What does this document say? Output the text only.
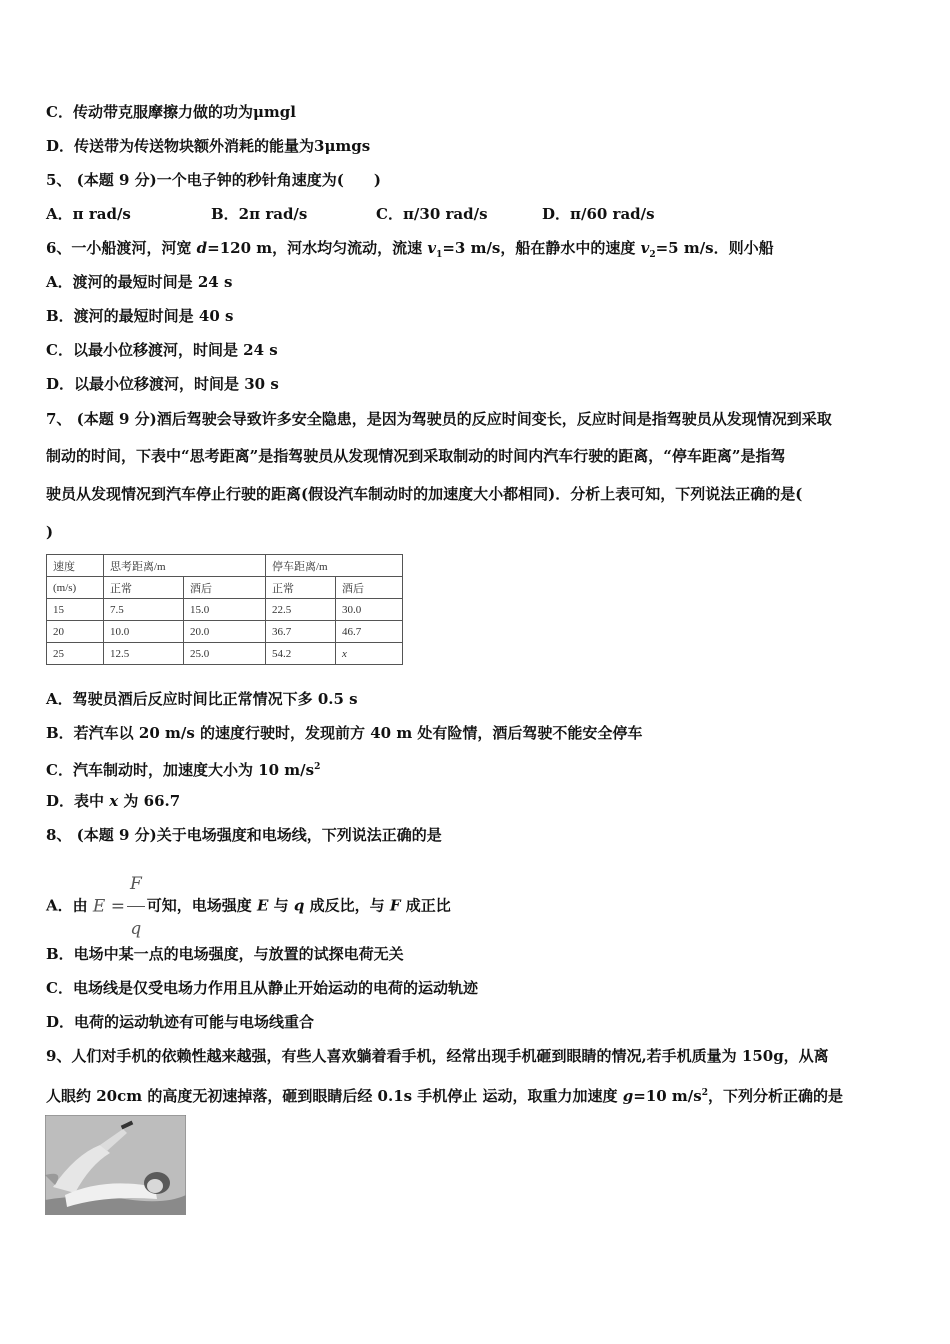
C．传动带克服摩擦力做的功为μmgl
D．传送带为传送物块额外消耗的能量为3μmgs
5、 (本题 9 分)一个电子钟的秒针角速度为(　　)
A．π rad/s	B．2π rad/s	C．π/30 rad/s	D．π/60 rad/s
6、一小船渡河，河宽 d=120 m，河水均匀流动，流速 $v_1=3$ m/s，船在静水中的速度 $v_2=5$ m/s．则小船
A．渡河的最短时间是 24 s
B．渡河的最短时间是 40 s
C．以最小位移渡河，时间是 24 s
D．以最小位移渡河，时间是 30 s
7、 (本题 9 分)酒后驾驶会导致许多安全隐患，是因为驾驶员的反应时间变长，反应时间是指驾驶员从发现情况到采取
制动的时间，下表中“思考距离”是指驾驶员从发现情况到采取制动的时间内汽车行驶的距离，“停车距离”是指驾
驶员从发现情况到汽车停止行驶的距离(假设汽车制动时的加速度大小都相同)．分析上表可知，下列说法正确的是(
)
速度	思考距离/m		停车距离/m	
(m/s)	正常	酒后	正常	酒后
15	7.5	15.0	22.5	30.0
20	10.0	20.0	36.7	46.7
25	12.5	25.0	54.2	x
A．驾驶员酒后反应时间比正常情况下多 0.5 s
B．若汽车以 20 m/s 的速度行驶时，发现前方 40 m 处有险情，酒后驾驶不能安全停车
C．汽车制动时，加速度大小为 10 $m/s^2$
D．表中 x 为 66.7
8、 (本题 9 分)关于电场强度和电场线，下列说法正确的是
A．由 $E = \frac{F}{q}$ 可知，电场强度 E 与 q 成反比，与 F 成正比
B．电场中某一点的电场强度，与放置的试探电荷无关
C．电场线是仅受电场力作用且从静止开始运动的电荷的运动轨迹
D．电荷的运动轨迹有可能与电场线重合
9、人们对手机的依赖性越来越强，有些人喜欢躺着看手机，经常出现手机砸到眼睛的情况,若手机质量为 150g，从离
人眼约 20cm 的高度无初速掉落，砸到眼睛后经 0.1s 手机停止 运动，取重力加速度 g=10 $m/s^2$，下列分析正确的是
